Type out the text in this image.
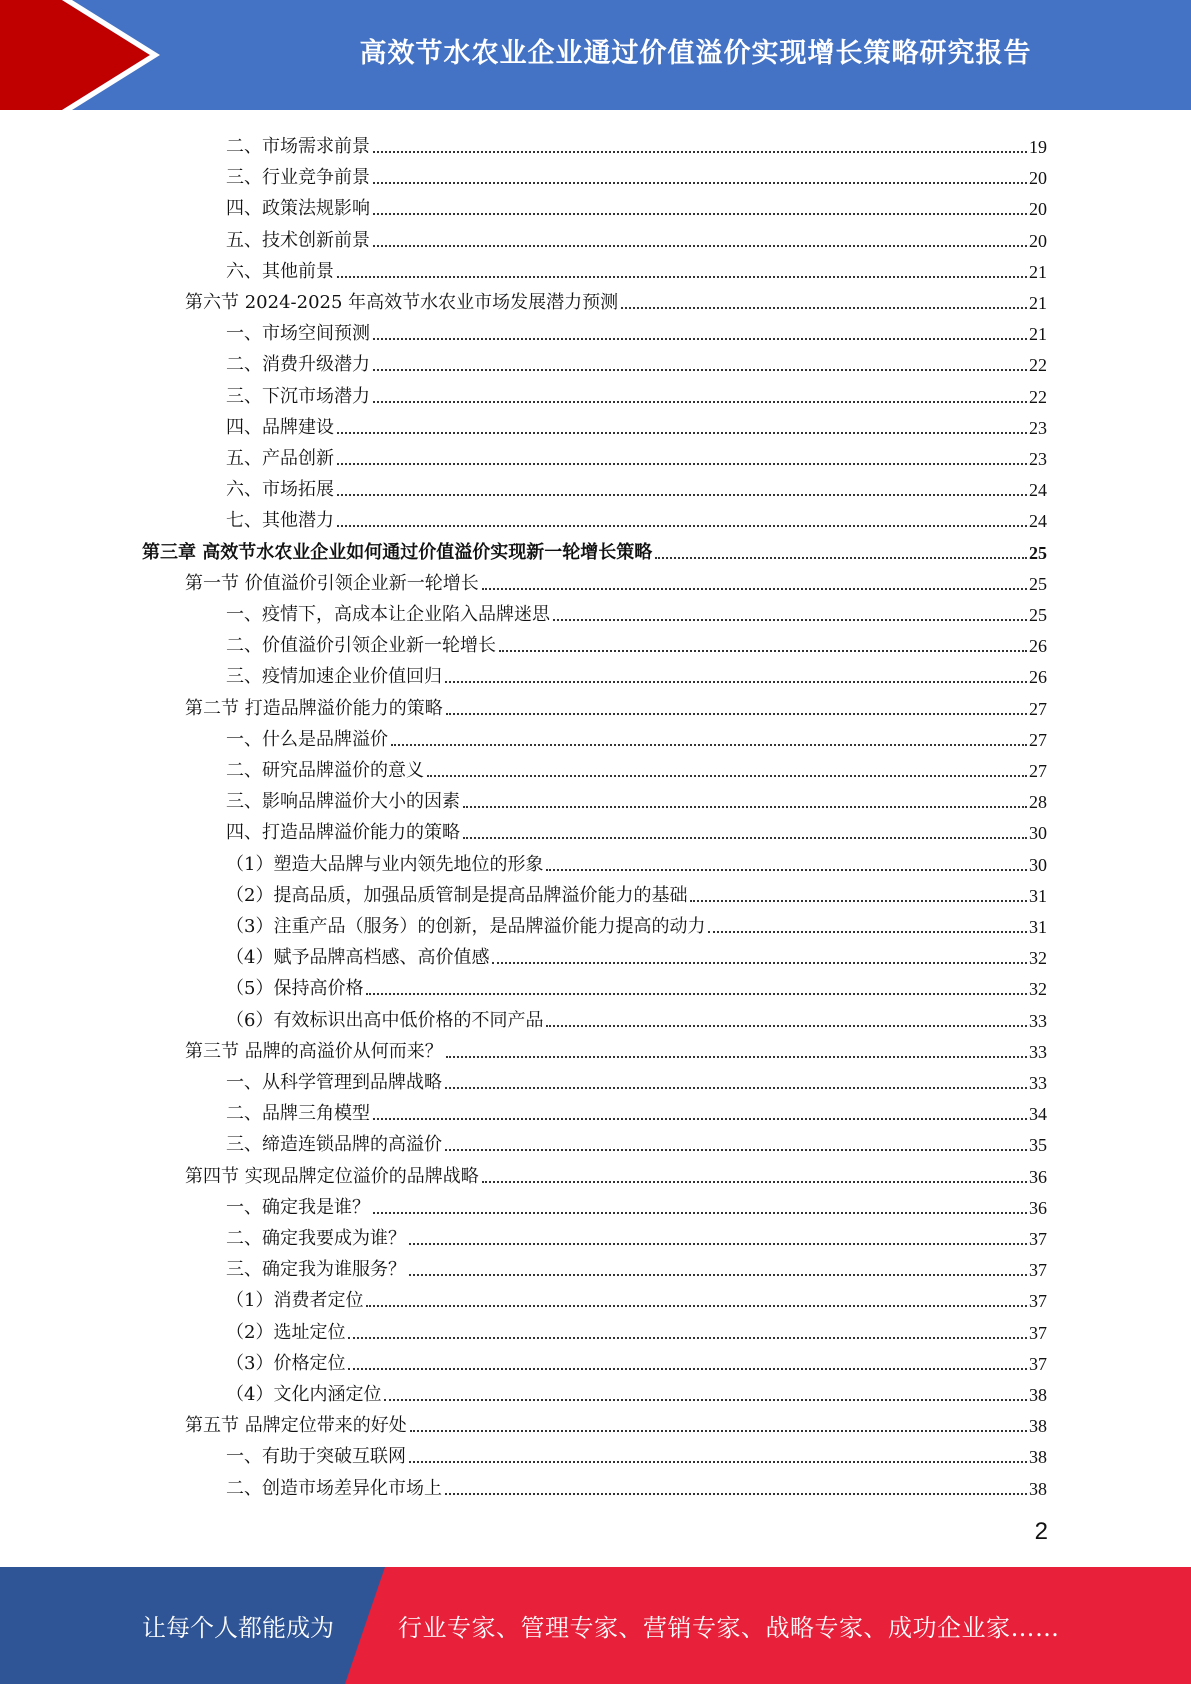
高效节水农业企业通过价值溢价实现增长策略研究报告
二、市场需求前景	19
三、行业竞争前景	20
四、政策法规影响	20
五、技术创新前景	20
六、其他前景	21
第六节 2024-2025 年高效节水农业市场发展潜力预测	21
一、市场空间预测	21
二、消费升级潜力	22
三、下沉市场潜力	22
四、品牌建设	23
五、产品创新	23
六、市场拓展	24
七、其他潜力	24
第三章 高效节水农业企业如何通过价值溢价实现新一轮增长策略	25
第一节 价值溢价引领企业新一轮增长	25
一、疫情下，高成本让企业陷入品牌迷思	25
二、价值溢价引领企业新一轮增长	26
三、疫情加速企业价值回归	26
第二节 打造品牌溢价能力的策略	27
一、什么是品牌溢价	27
二、研究品牌溢价的意义	27
三、影响品牌溢价大小的因素	28
四、打造品牌溢价能力的策略	30
（1）塑造大品牌与业内领先地位的形象	30
（2）提高品质，加强品质管制是提高品牌溢价能力的基础	31
（3）注重产品（服务）的创新，是品牌溢价能力提高的动力	31
（4）赋予品牌高档感、高价值感	32
（5）保持高价格	32
（6）有效标识出高中低价格的不同产品	33
第三节 品牌的高溢价从何而来？	33
一、从科学管理到品牌战略	33
二、品牌三角模型	34
三、缔造连锁品牌的高溢价	35
第四节 实现品牌定位溢价的品牌战略	36
一、确定我是谁？	36
二、确定我要成为谁？	37
三、确定我为谁服务？	37
（1）消费者定位	37
（2）选址定位	37
（3）价格定位	37
（4）文化内涵定位	38
第五节 品牌定位带来的好处	38
一、有助于突破互联网	38
二、创造市场差异化市场上	38
2
让每个人都能成为	行业专家、管理专家、营销专家、战略专家、成功企业家……
